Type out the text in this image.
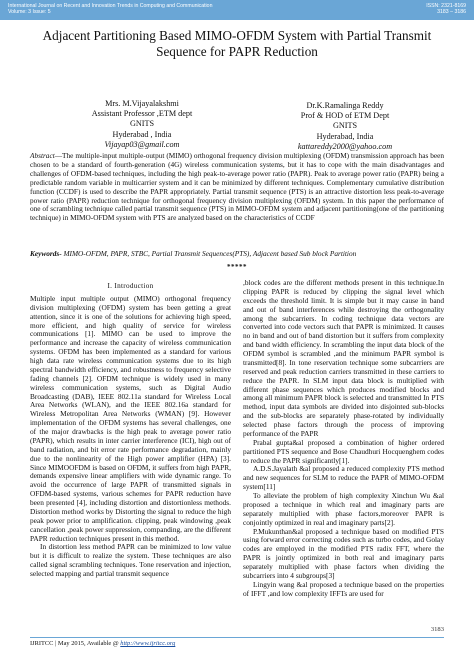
International Journal on Recent and Innovation Trends in Computing and Communication
Volume: 3 Issue: 5
ISSN: 2321-8169
3183 – 3186
Adjacent Partitioning Based MIMO-OFDM System with Partial Transmit Sequence for PAPR Reduction
Mrs. M.Vijayalakshmi
Assistant Professor ,ETM dept
GNITS
Hyderabad , India
Vijayap03@gmail.com
Dr.K.Ramalinga Reddy
Prof & HOD of ETM Dept
GNITS
Hyderabad, India
kattareddy2000@yahoo.com
Abstract—The multiple-input multiple-output (MIMO) orthogonal frequency division multiplexing (OFDM) transmission approach has been chosen to be a standard of fourth-generation (4G) wireless communication systems, but it has to cope with the main disadvantages and challenges of OFDM-based techniques, including the high peak-to-average power ratio (PAPR). Peak to average power ratio (PAPR) being a predictable random variable in multicarrier system and it can be minimized by different techniques. Complementary cumulative distribution function (CCDF) is used to describe the PAPR appropriately. Partial transmit sequence (PTS) is an attractive distortion less peak-to-average power ratio (PAPR) reduction technique for orthogonal frequency division multiplexing (OFDM) system. In this paper the performance of one of scrambling technique called partial transmit sequence (PTS) in MIMO-OFDM system and adjacent partitioning(one of the partitioning technique) in MIMO-OFDM system with PTS are analyzed based on the characteristics of CCDF
Keywords- MIMO-OFDM, PAPR, STBC, Partial Transmit Sequences(PTS), Adjacent based Sub block Partition
*****
I. Introduction

Multiple input multiple output (MIMO) orthogonal frequency division multiplexing (OFDM) system has been getting a great attention, since it is one of the solutions for achieving high speed, more efficient, and high quality of service for wireless communications [1]. MIMO can be used to improve the performance and increase the capacity of wireless communication systems. OFDM has been implemented as a standard for various high data rate wireless communication systems due to its high spectral bandwidth efficiency, and robustness to frequency selective fading channels [2]. OFDM technique is widely used in many wireless communication systems, such as Digital Audio Broadcasting (DAB), IEEE 802.11a standard for Wireless Local Area Networks (WLAN), and the IEEE 802.16a standard for Wireless Metropolitan Area Networks (WMAN) [9]. However implementation of the OFDM systems has several challenges, one of the major drawbacks is the high peak to average power ratio (PAPR), which results in inter carrier interference (ICI), high out of band radiation, and bit error rate performance degradation, mainly due to the nonlinearity of the High power amplifier (HPA) [3]. Since MIMOOFDM is based on OFDM, it suffers from high PAPR, demands expensive linear amplifiers with wide dynamic range. To avoid the occurrence of large PAPR of transmitted signals in OFDM-based systems, various schemes for PAPR reduction have been presented [4], including distortion and distortionless methods. Distortion method works by Distorting the signal to reduce the high peak power prior to amplification. clipping, peak windowing ,peak cancellation ,peak power suppression, companding, are the different PAPR reduction techniques present in this method.

In distortion less method PAPR can be minimized to low value but it is difficult to realize the system. These techniques are also called signal scrambling techniques. Tone reservation and injection, selected mapping and partial transmit sequence

,block codes are the different methods present in this technique.In clipping PAPR is reduced by clipping the signal level which exceeds the threshold limit. It is simple but it may cause in band and out of band interferences while destroying the orthogonality among the subcarriers. In coding technique data vectors are converted into code vectors such that PAPR is minimized. It causes no in band and out of band distortion but it suffers from complexity and band width efficiency. In scrambling the input data block of the OFDM symbol is scrambled ,and the minimum PAPR symbol is transmitted[8]. In tone reservation technique some subcarriers are reserved and peak reduction carriers transmitted in these carriers to reduce the PAPR. In SLM input data block is multiplied with different phase sequences which produces modified blocks and among all minimum PAPR block is selected and transmitted In PTS method, input data symbols are divided into disjointed sub-blocks and the sub-blocks are separately phase-rotated by individually selected phase factors through the process of improving performance of the PAPR

Prabal gupta&al proposed a combination of higher ordered partitioned PTS sequence and Bose Chaudhuri Hocquenghem codes to reduce the PAPR significantly[1].

A.D.S.Jayalath &al proposed a reduced complexity PTS method and new sequences for SLM to reduce the PAPR of MIMO-OFDM system[11]

To alleviate the problem of high complexity Xinchun Wu &al proposed a technique in which real and imaginary parts are separately multiplied with phase factors,moreover PAPR is conjointly optimized in real and imaginary parts[2].

P.Mukunthan&al proposed a technique based on modified PTS using forward error correcting codes such as turbo codes, and Golay codes are employed in the modified PTS radix FFT, where the PAPR is jointly optimized in both real and imaginary parts separately multiplied with phase factors when dividing the subcarriers into 4 subgroups[3]

Lingyin wang &al proposed a technique based on the properties of IFFT ,and low complexity IFFTs are used for

3183
IJRITCC | May 2015, Available @ http://www.ijritcc.org
